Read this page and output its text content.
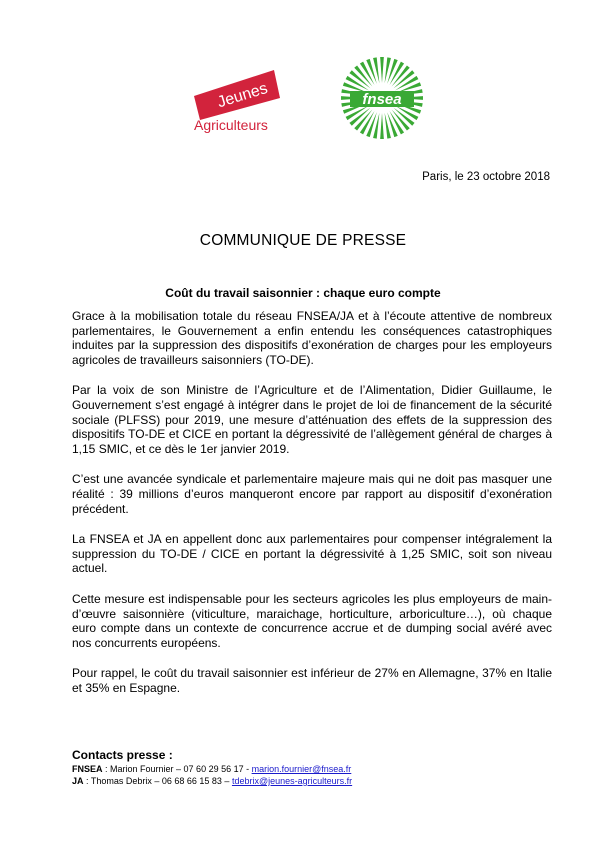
Jeunes
Agriculteurs
fnsea
Paris, le 23 octobre 2018
COMMUNIQUE DE PRESSE
Coût du travail saisonnier : chaque euro compte

Grace à la mobilisation totale du réseau FNSEA/JA et à l’écoute attentive de nombreux parlementaires, le Gouvernement a enfin entendu les conséquences catastrophiques induites par la suppression des dispositifs d’exonération de charges pour les employeurs agricoles de travailleurs saisonniers (TO-DE).

Par la voix de son Ministre de l’Agriculture et de l’Alimentation, Didier Guillaume, le Gouvernement s’est engagé à intégrer dans le projet de loi de financement de la sécurité sociale (PLFSS) pour 2019, une mesure d’atténuation des effets de la suppression des dispositifs TO-DE et CICE en portant la dégressivité de l’allègement général de charges à 1,15 SMIC, et ce dès le 1er janvier 2019.

C’est une avancée syndicale et parlementaire majeure mais qui ne doit pas masquer une réalité : 39 millions d’euros manqueront encore par rapport au dispositif d’exonération précédent.

La FNSEA et JA en appellent donc aux parlementaires pour compenser intégralement la suppression du TO-DE / CICE en portant la dégressivité à 1,25 SMIC, soit son niveau actuel.

Cette mesure est indispensable pour les secteurs agricoles les plus employeurs de main-d’œuvre saisonnière (viticulture, maraichage, horticulture, arboriculture…), où chaque euro compte dans un contexte de concurrence accrue et de dumping social avéré avec nos concurrents européens.

Pour rappel, le coût du travail saisonnier est inférieur de 27% en Allemagne, 37% en Italie et 35% en Espagne.

Contacts presse :

FNSEA : Marion Fournier – 07 60 29 56 17 - marion.fournier@fnsea.fr

JA : Thomas Debrix – 06 68 66 15 83 – tdebrix@jeunes-agriculteurs.fr
